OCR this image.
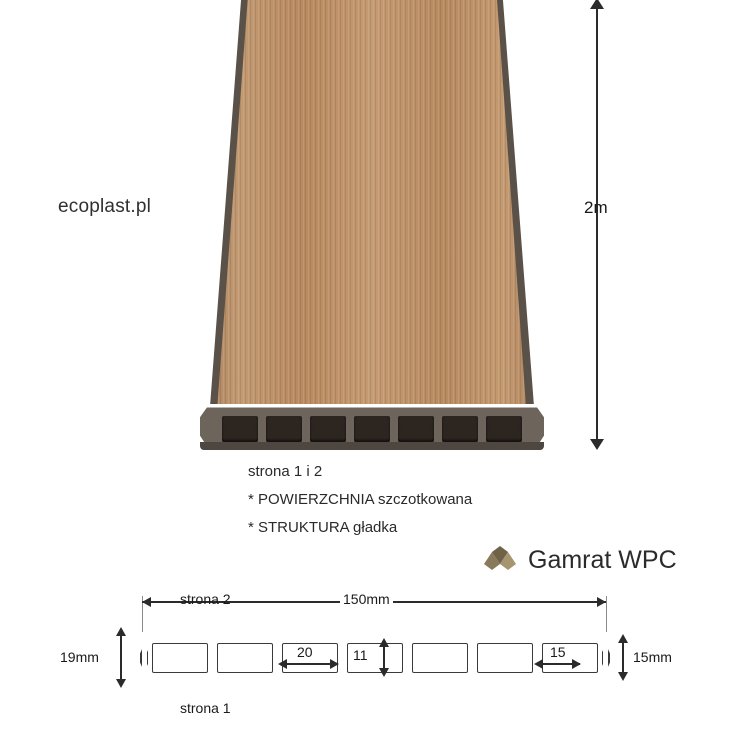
ecoplast.pl	2m
strona 1 i 2
* POWIERZCHNIA szczotkowana
* STRUKTURA gładka
Gamrat WPC
150mm
strona 2
strona 1
19mm	15mm
20	11	15
